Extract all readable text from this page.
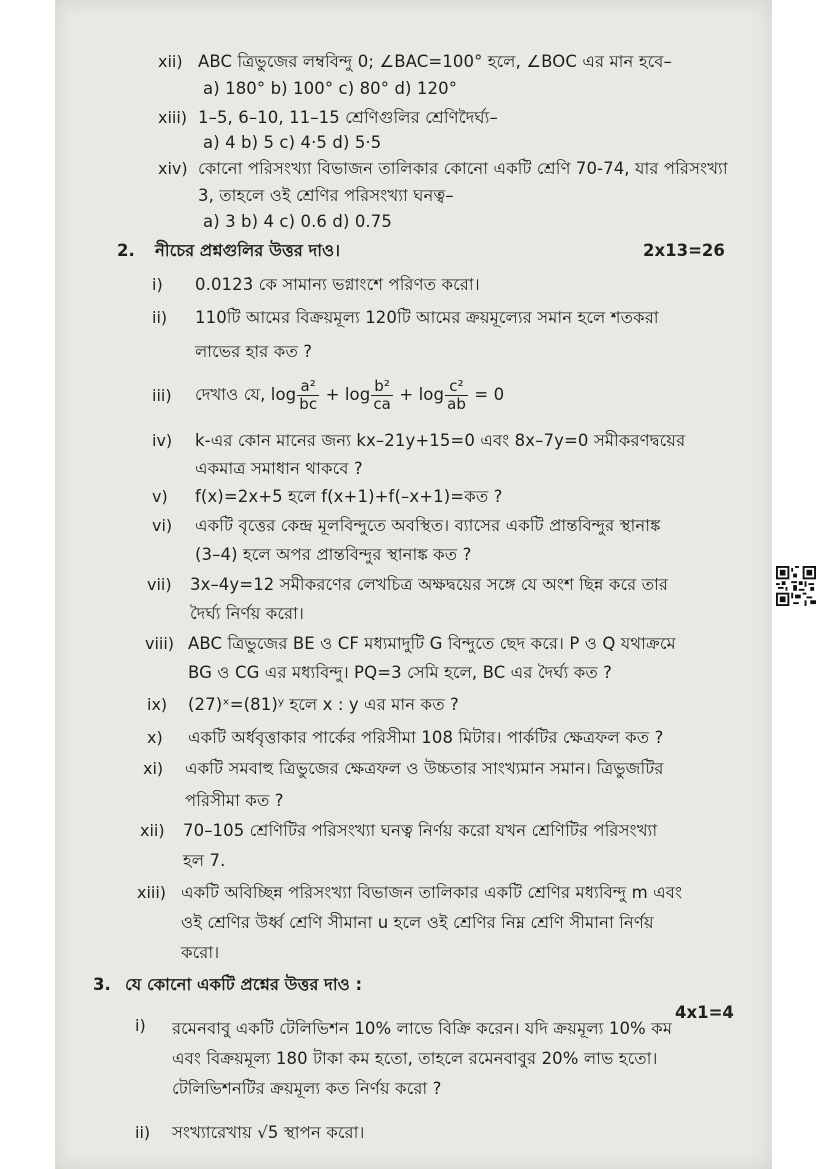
xii) ABC ত্রিভুজের লম্ববিন্দু 0; ∠BAC=100° হলে, ∠BOC এর মান হবে–
a) 180° b) 100° c) 80° d) 120°
xiii) 1–5, 6–10, 11–15 শ্রেণিগুলির শ্রেণিদৈর্ঘ্য–
a) 4 b) 5 c) 4·5 d) 5·5
xiv) কোনো পরিসংখ্যা বিভাজন তালিকার কোনো একটি শ্রেণি 70-74, যার পরিসংখ্যা
3, তাহলে ওই শ্রেণির পরিসংখ্যা ঘনত্ব–
a) 3 b) 4 c) 0.6 d) 0.75
2. নীচের প্রশ্নগুলির উত্তর দাও।	2x13=26
i) 0.0123̇ কে সামান্য ভগ্নাংশে পরিণত করো।
ii) 110টি আমের বিক্রয়মূল্য 120টি আমের ক্রয়মূল্যের সমান হলে শতকরা
লাভের হার কত ?
iii) দেখাও যে, $\log \frac{\text{a²}}{bc} + \log \frac{\text{b²}}{ca} + \log \frac{\text{c²}}{ab} = 0$
iv) k-এর কোন মানের জন্য kx–21y+15=0 এবং 8x–7y=0 সমীকরণদ্বয়ের
একমাত্র সমাধান থাকবে ?
v) f(x)=2x+5 হলে f(x+1)+f(–x+1)=কত ?
vi) একটি বৃত্তের কেন্দ্র মূলবিন্দুতে অবস্থিত। ব্যাসের একটি প্রান্তবিন্দুর স্থানাঙ্ক
(3–4) হলে অপর প্রান্তবিন্দুর স্থানাঙ্ক কত ?
vii) 3x–4y=12 সমীকরণের লেখচিত্র অক্ষদ্বয়ের সঙ্গে যে অংশ ছিন্ন করে তার
দৈর্ঘ্য নির্ণয় করো।
viii) ABC ত্রিভুজের BE ও CF মধ্যমাদুটি G বিন্দুতে ছেদ করে। P ও Q যথাক্রমে
BG ও CG এর মধ্যবিন্দু। PQ=3 সেমি হলে, BC এর দৈর্ঘ্য কত ?
ix) (27)ˣ=(81)ʸ হলে x : y এর মান কত ?
x) একটি অর্ধবৃত্তাকার পার্কের পরিসীমা 108 মিটার। পার্কটির ক্ষেত্রফল কত ?
xi) একটি সমবাহু ত্রিভুজের ক্ষেত্রফল ও উচ্চতার সাংখ্যমান সমান। ত্রিভুজটির
পরিসীমা কত ?
xii) 70–105 শ্রেণিটির পরিসংখ্যা ঘনত্ব নির্ণয় করো যখন শ্রেণিটির পরিসংখ্যা
হল 7.
xiii) একটি অবিচ্ছিন্ন পরিসংখ্যা বিভাজন তালিকার একটি শ্রেণির মধ্যবিন্দু m এবং
ওই শ্রেণির উর্ধ্ব শ্রেণি সীমানা u হলে ওই শ্রেণির নিম্ন শ্রেণি সীমানা নির্ণয়
করো।
3. যে কোনো একটি প্রশ্নের উত্তর দাও :
4x1=4
i) রমেনবাবু একটি টেলিভিশন 10% লাভে বিক্রি করেন। যদি ক্রয়মূল্য 10% কম
এবং বিক্রয়মূল্য 180 টাকা কম হতো, তাহলে রমেনবাবুর 20% লাভ হতো।
টেলিভিশনটির ক্রয়মূল্য কত নির্ণয় করো ?
ii) সংখ্যারেখায় √5 স্থাপন করো।
